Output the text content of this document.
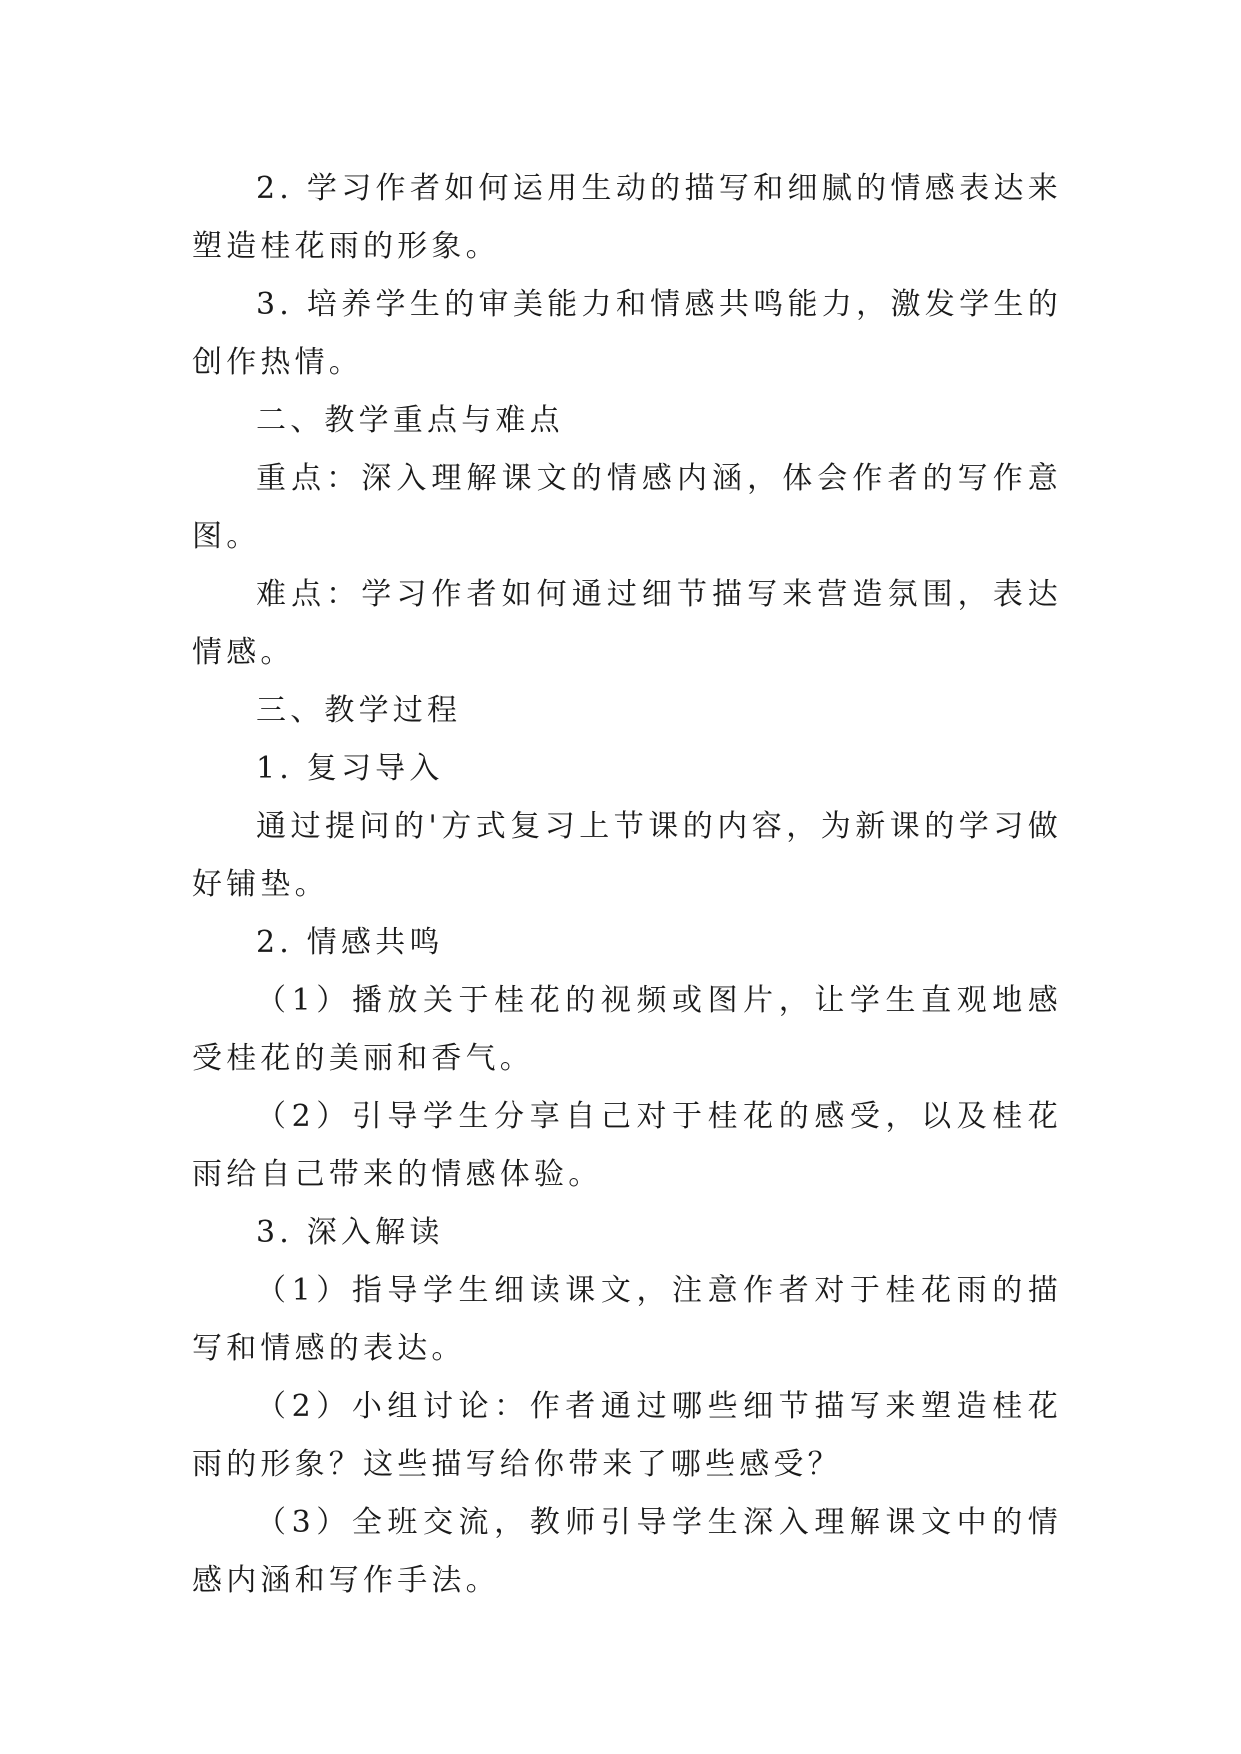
2. 学习作者如何运用生动的描写和细腻的情感表达来塑造桂花雨的形象。

3. 培养学生的审美能力和情感共鸣能力，激发学生的创作热情。

二、教学重点与难点

重点：深入理解课文的情感内涵，体会作者的写作意图。

难点：学习作者如何通过细节描写来营造氛围，表达情感。

三、教学过程

1. 复习导入

通过提问的'方式复习上节课的内容，为新课的学习做好铺垫。

2. 情感共鸣

（1）播放关于桂花的视频或图片，让学生直观地感受桂花的美丽和香气。

（2）引导学生分享自己对于桂花的感受，以及桂花雨给自己带来的情感体验。

3. 深入解读

（1）指导学生细读课文，注意作者对于桂花雨的描写和情感的表达。

（2）小组讨论：作者通过哪些细节描写来塑造桂花雨的形象？这些描写给你带来了哪些感受？

（3）全班交流，教师引导学生深入理解课文中的情感内涵和写作手法。
